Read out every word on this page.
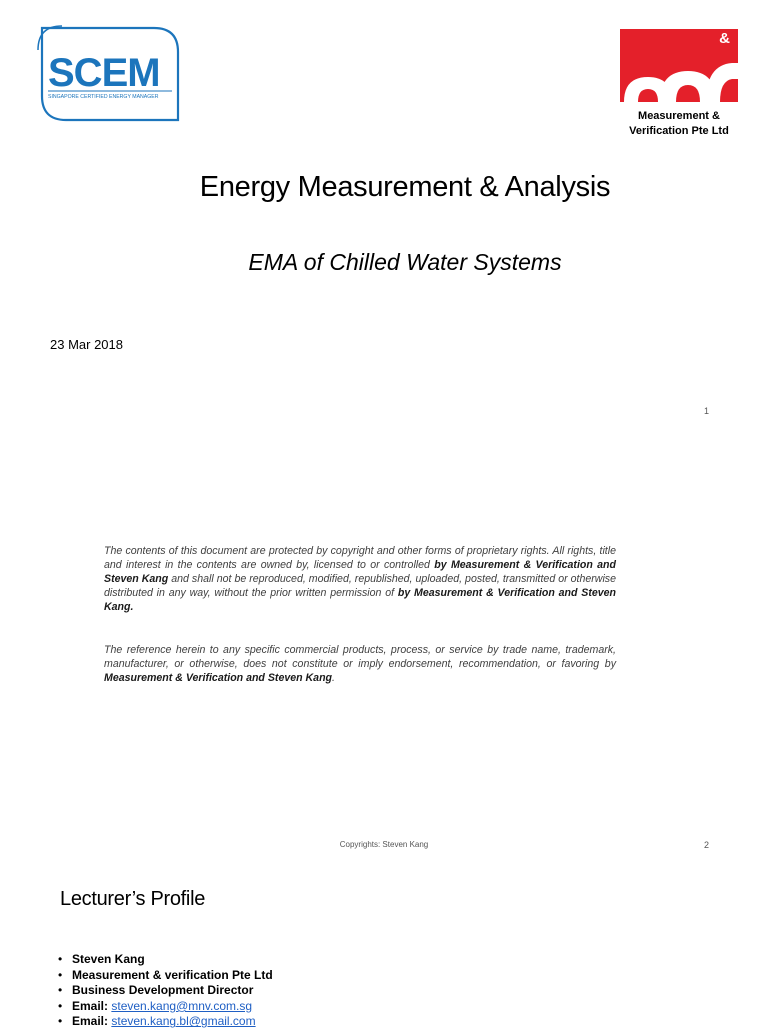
SCEM
SINGAPORE CERTIFIED ENERGY MANAGER
&
Measurement &
Verification Pte Ltd
Energy Measurement & Analysis
EMA of Chilled Water Systems
23 Mar 2018
1
The contents of this document are protected by copyright and other forms of proprietary rights. All rights, title and interest in the contents are owned by, licensed to or controlled by Measurement & Verification and Steven Kang and shall not be reproduced, modified, republished, uploaded, posted, transmitted or otherwise distributed in any way, without the prior written permission of by Measurement & Verification and Steven Kang.
The reference herein to any specific commercial products, process, or service by trade name, trademark, manufacturer, or otherwise, does not constitute or imply endorsement, recommendation, or favoring by Measurement & Verification and Steven Kang.
Copyrights: Steven Kang	2
Lecturer’s Profile
• Steven Kang
• Measurement & verification Pte Ltd
• Business Development Director
• Email: steven.kang@mnv.com.sg
• Email: steven.kang.bl@gmail.com
